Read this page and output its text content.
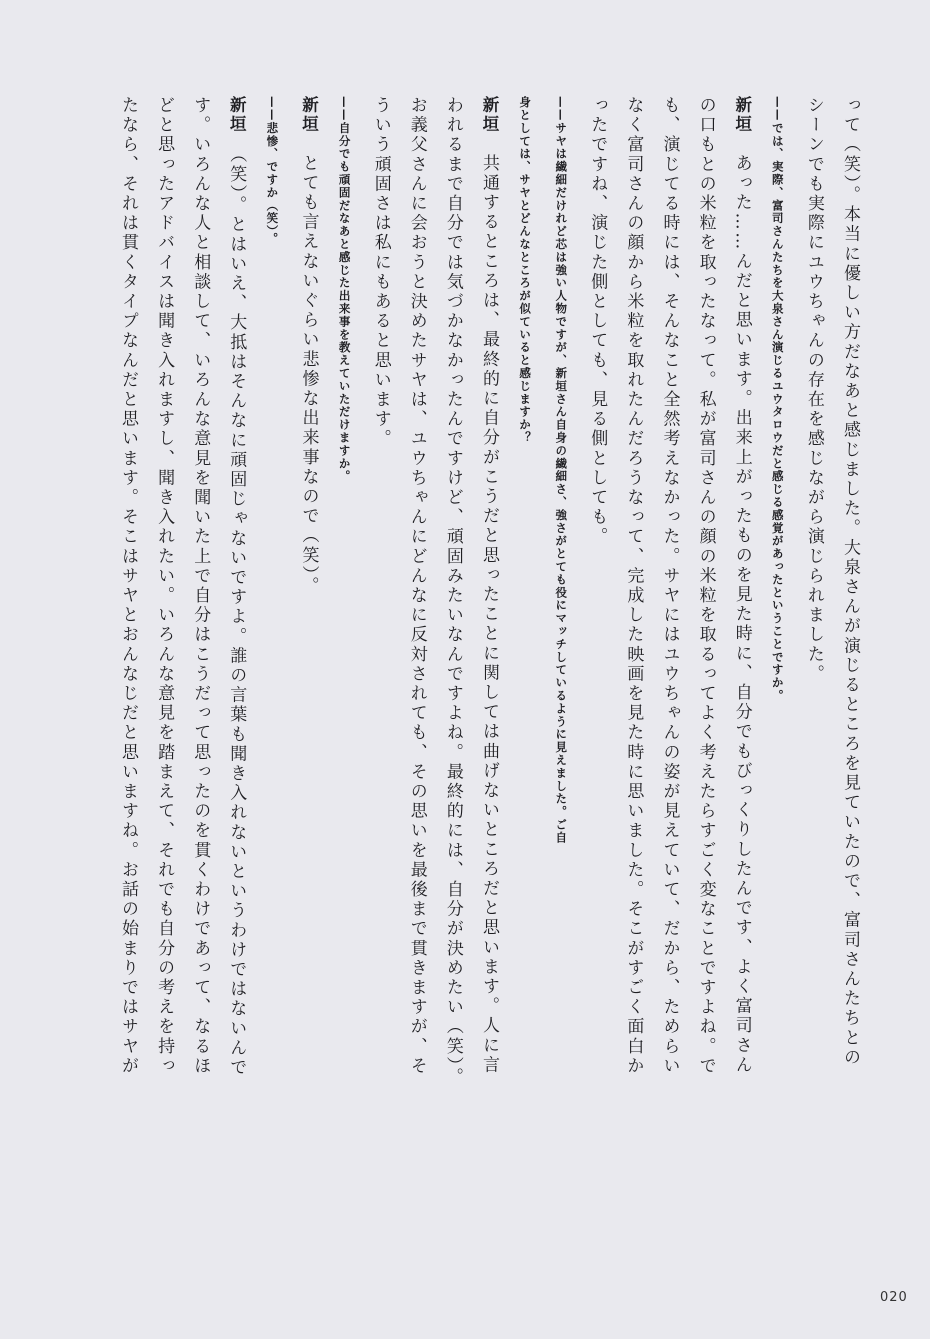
って（笑）。本当に優しい方だなあと感じました。大泉さんが演じるところを見ていたので、富司さんたちとの
シーンでも実際にユウちゃんの存在を感じながら演じられました。
——では、実際、富司さんたちを大泉さん演じるユウタロウだと感じる感覚があったということですか。
新垣　あった……んだと思います。出来上がったものを見た時に、自分でもびっくりしたんです、よく富司さん
の口もとの米粒を取ったなって。私が富司さんの顔の米粒を取るってよく考えたらすごく変なことですよね。で
も、演じてる時には、そんなこと全然考えなかった。サヤにはユウちゃんの姿が見えていて、だから、ためらい
なく富司さんの顔から米粒を取れたんだろうなって、完成した映画を見た時に思いました。そこがすごく面白か
ったですね、演じた側としても、見る側としても。
——サヤは繊細だけれど芯は強い人物ですが、新垣さん自身の繊細さ、強さがとても役にマッチしているように見えました。ご自
身としては、サヤとどんなところが似ていると感じますか？
新垣　共通するところは、最終的に自分がこうだと思ったことに関しては曲げないところだと思います。人に言
われるまで自分では気づかなかったんですけど、頑固みたいなんですよね。最終的には、自分が決めたい（笑）。
お義父さんに会おうと決めたサヤは、ユウちゃんにどんなに反対されても、その思いを最後まで貫きますが、そ
ういう頑固さは私にもあると思います。
——自分でも頑固だなあと感じた出来事を教えていただけますか。
新垣　とても言えないぐらい悲惨な出来事なので（笑）。
——悲惨、ですか（笑）。
新垣　（笑）。とはいえ、大抵はそんなに頑固じゃないですよ。誰の言葉も聞き入れないというわけではないんで
す。いろんな人と相談して、いろんな意見を聞いた上で自分はこうだって思ったのを貫くわけであって、なるほ
どと思ったアドバイスは聞き入れますし、聞き入れたい。いろんな意見を踏まえて、それでも自分の考えを持っ
たなら、それは貫くタイプなんだと思います。そこはサヤとおんなじだと思いますね。お話の始まりではサヤが
020
